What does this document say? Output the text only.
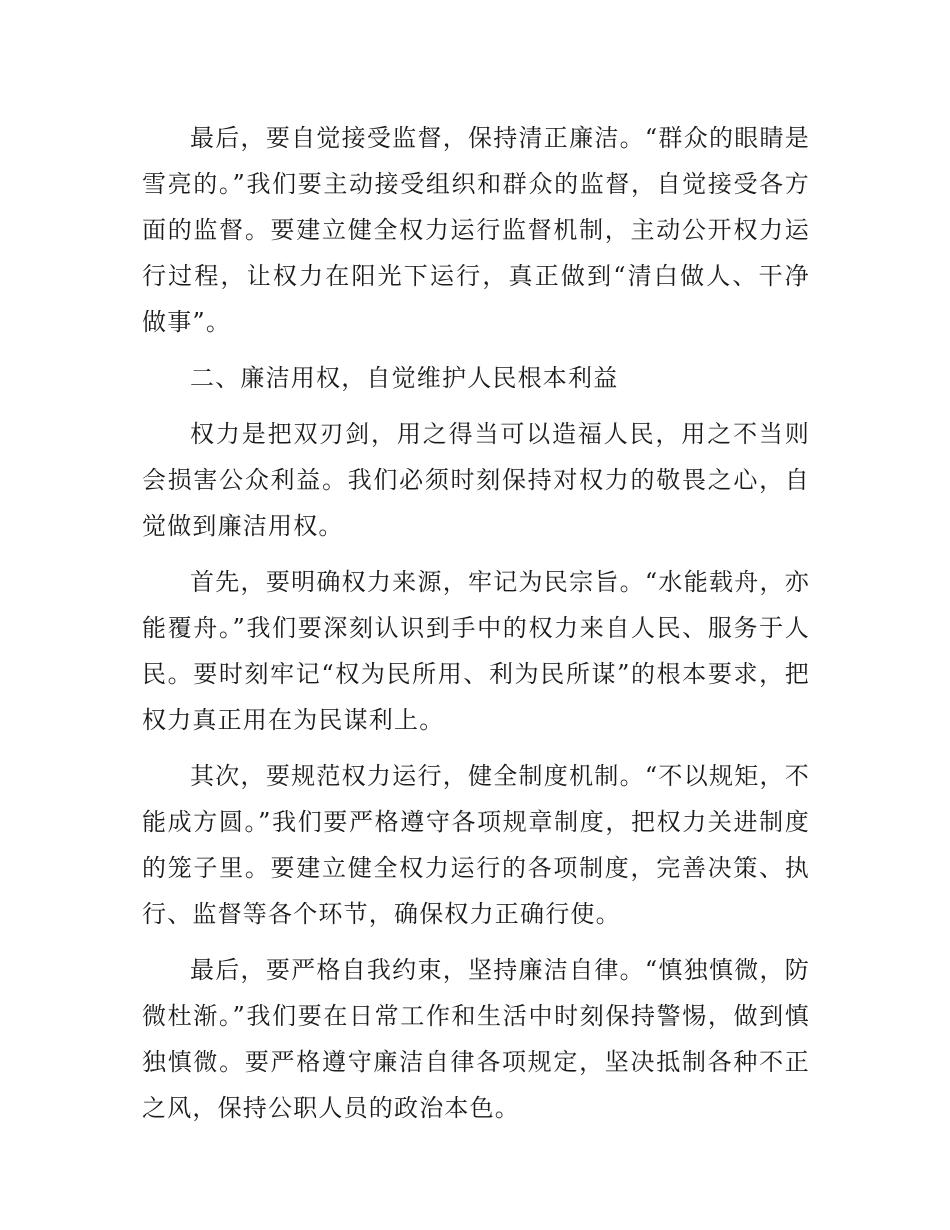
最后，要自觉接受监督，保持清正廉洁。“群众的眼睛是雪亮的。”我们要主动接受组织和群众的监督，自觉接受各方面的监督。要建立健全权力运行监督机制，主动公开权力运行过程，让权力在阳光下运行，真正做到“清白做人、干净做事”。

二、廉洁用权，自觉维护人民根本利益

权力是把双刃剑，用之得当可以造福人民，用之不当则会损害公众利益。我们必须时刻保持对权力的敬畏之心，自觉做到廉洁用权。

首先，要明确权力来源，牢记为民宗旨。“水能载舟，亦能覆舟。”我们要深刻认识到手中的权力来自人民、服务于人民。要时刻牢记“权为民所用、利为民所谋”的根本要求，把权力真正用在为民谋利上。

其次，要规范权力运行，健全制度机制。“不以规矩，不能成方圆。”我们要严格遵守各项规章制度，把权力关进制度的笼子里。要建立健全权力运行的各项制度，完善决策、执行、监督等各个环节，确保权力正确行使。

最后，要严格自我约束，坚持廉洁自律。“慎独慎微，防微杜渐。”我们要在日常工作和生活中时刻保持警惕，做到慎独慎微。要严格遵守廉洁自律各项规定，坚决抵制各种不正之风，保持公职人员的政治本色。
